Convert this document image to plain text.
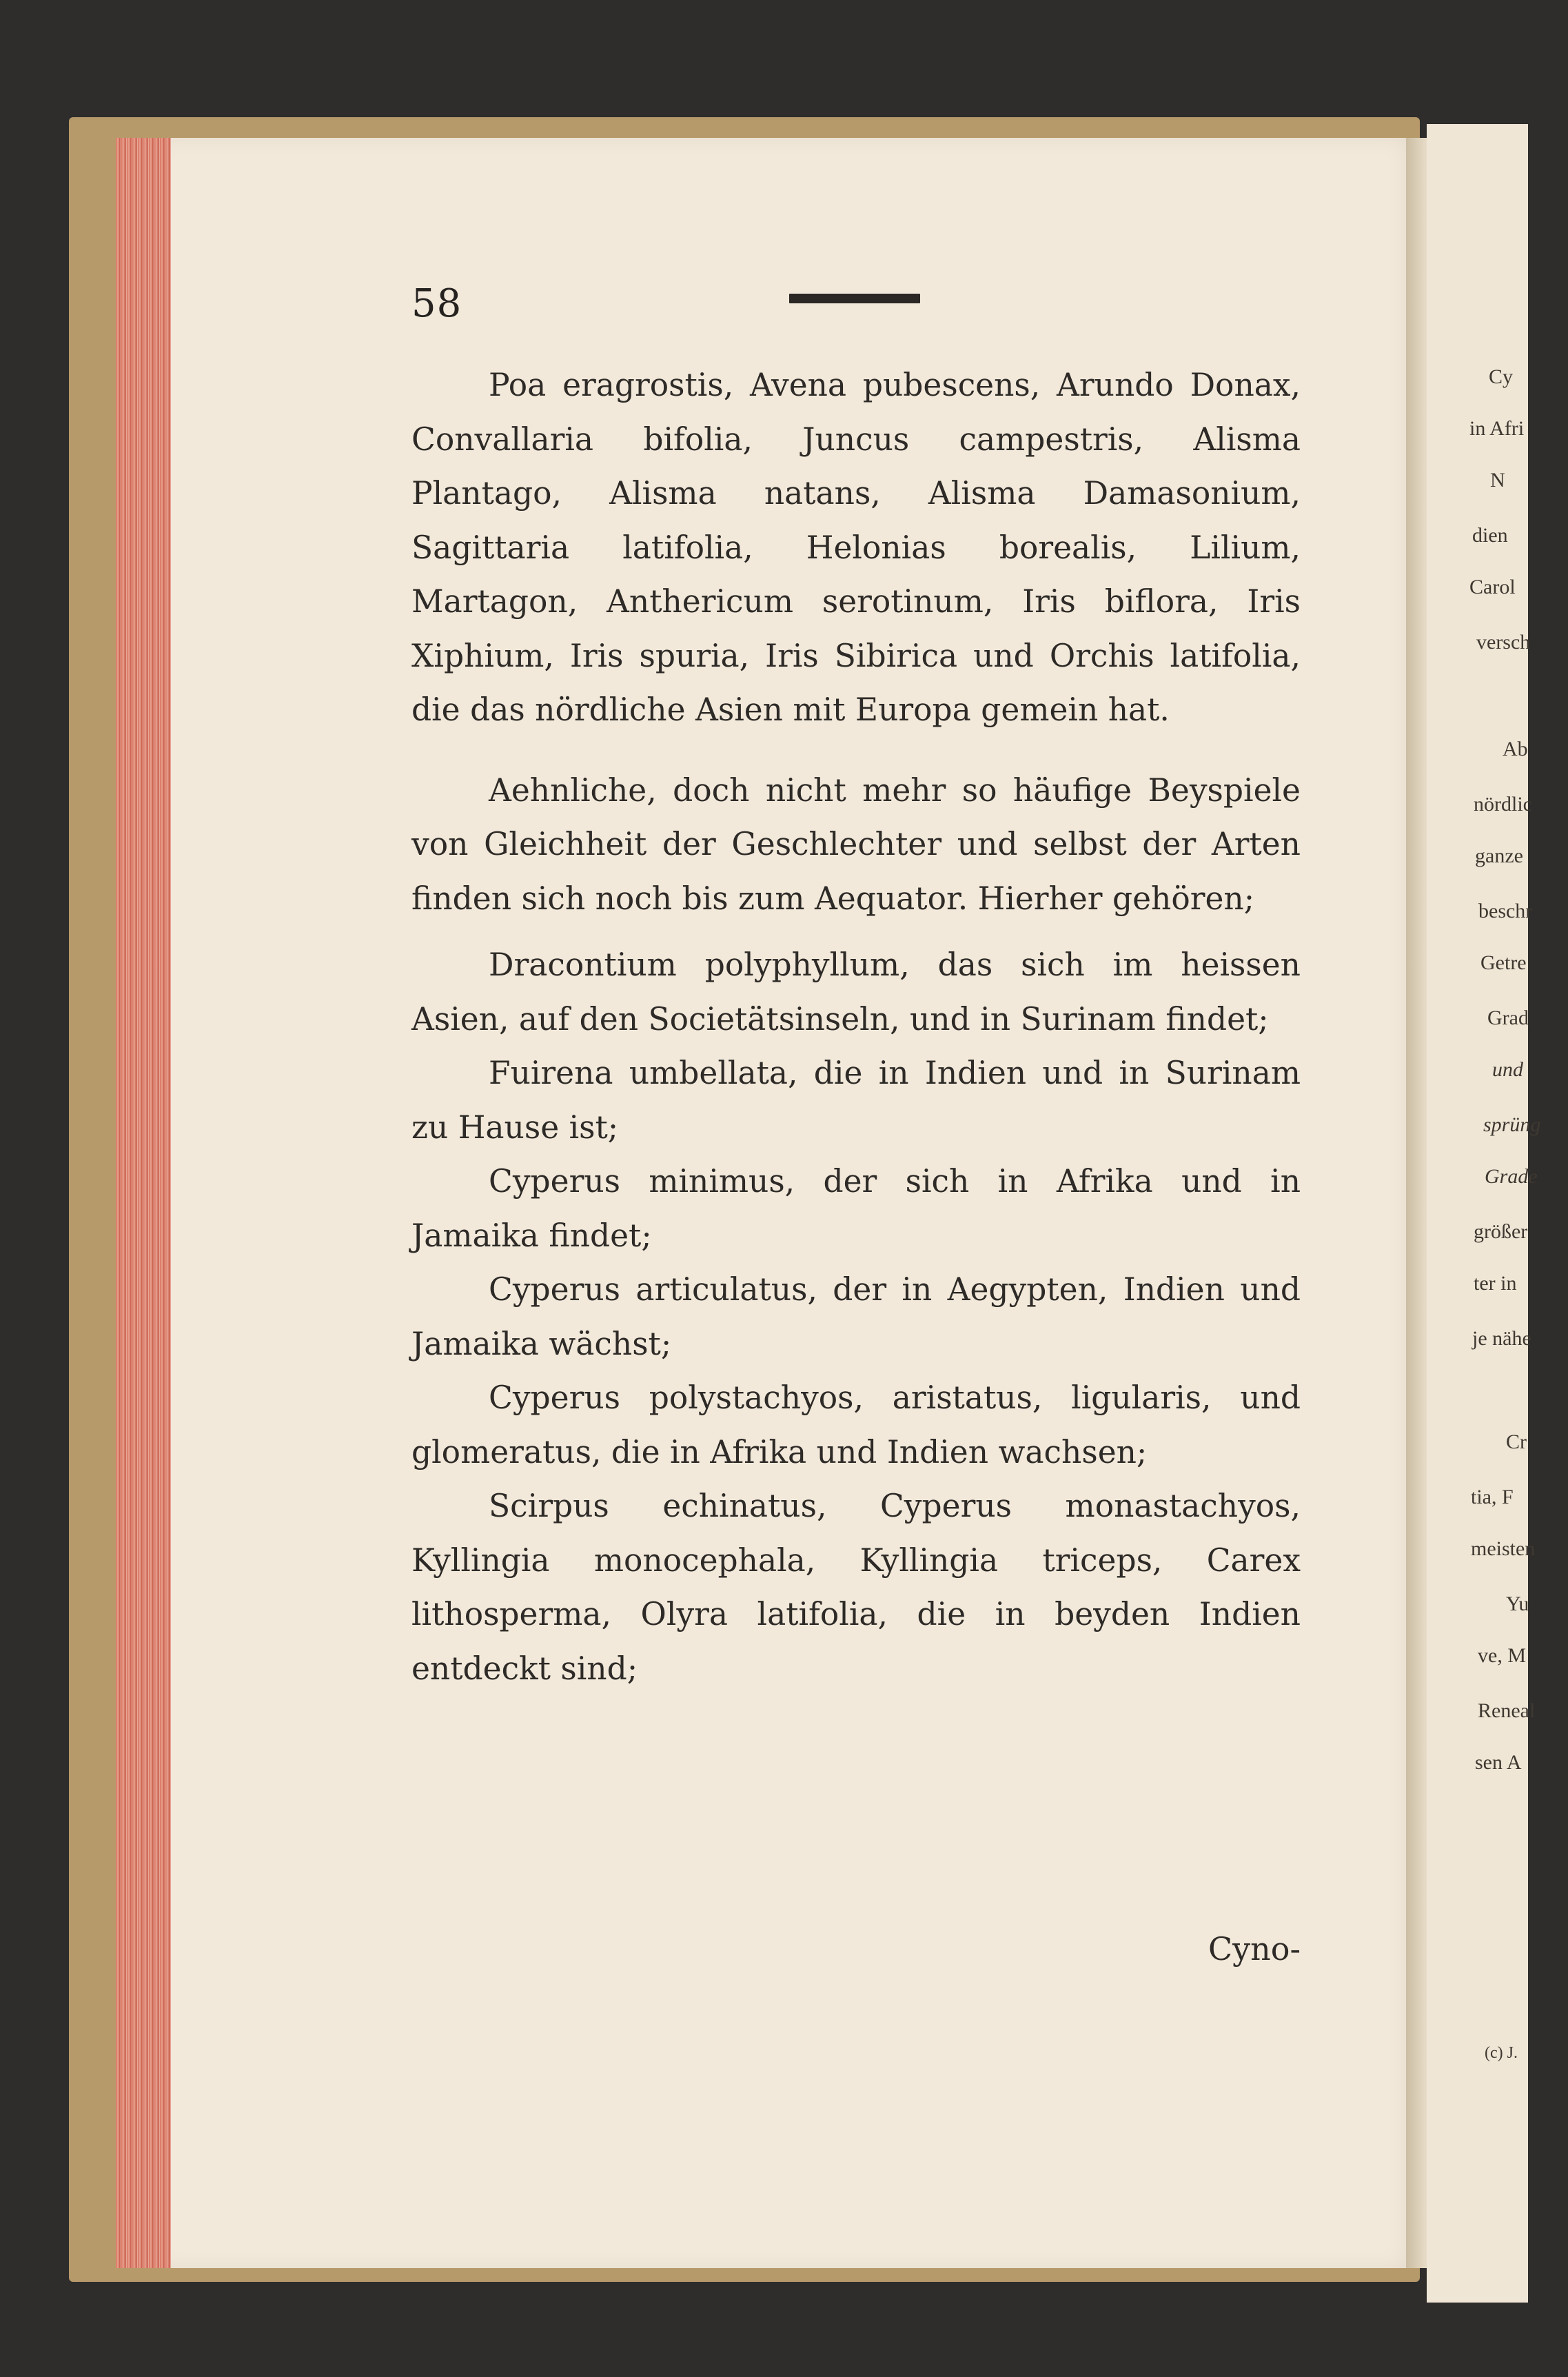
Cy
in Afri
N
dien
Carol
versch
Ab
nördlic
ganze
beschr
Getre
Grad
und
sprüng
Grade
größer
ter in
je nähe
Cr
tia, F
meisten
Yu
ve, M
Reneal
sen A
(c) J.
58

Poa eragrostis, Avena pubescens, Arundo Donax, Convallaria bifolia, Juncus campestris, Alisma Plantago, Alisma natans, Alisma Damasonium, Sagittaria latifolia, Helonias borealis, Lilium, Martagon, Anthericum serotinum, Iris biflora, Iris Xiphium, Iris spuria, Iris Sibirica und Orchis latifolia, die das nördliche Asien mit Europa gemein hat.

Aehnliche, doch nicht mehr so häufige Beyspiele von Gleichheit der Geschlechter und selbst der Arten finden sich noch bis zum Aequator. Hierher gehören;

Dracontium polyphyllum, das sich im heissen Asien, auf den Societätsinseln, und in Surinam findet;

Fuirena umbellata, die in Indien und in Surinam zu Hause ist;

Cyperus minimus, der sich in Afrika und in Jamaika findet;

Cyperus articulatus, der in Aegypten, Indien und Jamaika wächst;

Cyperus polystachyos, aristatus, ligularis, und glomeratus, die in Afrika und Indien wachsen;

Scirpus echinatus, Cyperus monastachyos, Kyllingia monocephala, Kyllingia triceps, Carex lithosperma, Olyra latifolia, die in beyden Indien entdeckt sind;

Cyno-
